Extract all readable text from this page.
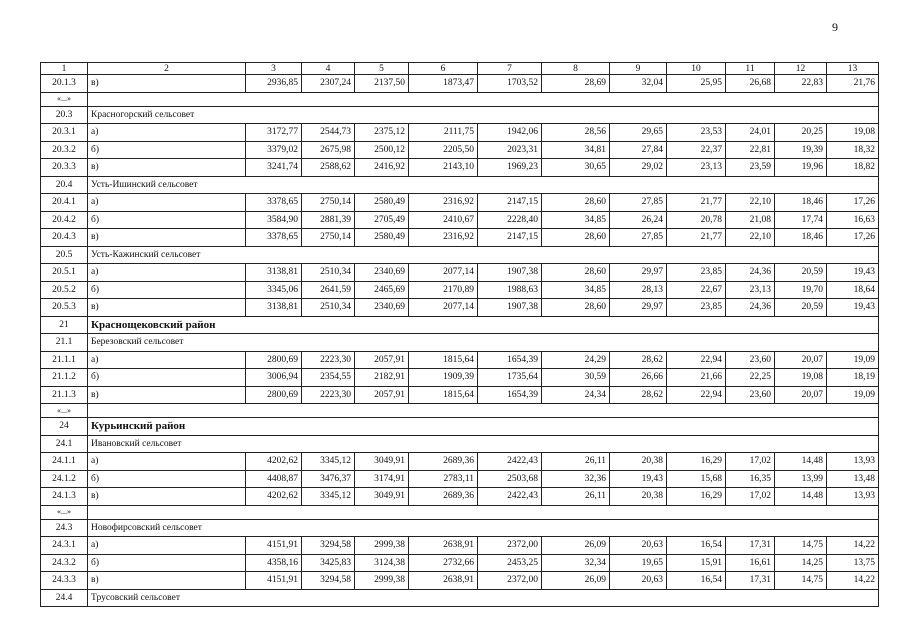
9
1	2	3	4	5	6	7	8	9	10	11	12	13
20.1.3	в)	2936,85	2307,24	2137,50	1873,47	1703,52	28,69	32,04	25,95	26,68	22,83	21,76
«...»												
20.3	Красногорский сельсовет											
20.3.1	а)	3172,77	2544,73	2375,12	2111,75	1942,06	28,56	29,65	23,53	24,01	20,25	19,08
20.3.2	б)	3379,02	2675,98	2500,12	2205,50	2023,31	34,81	27,84	22,37	22,81	19,39	18,32
20.3.3	в)	3241,74	2588,62	2416,92	2143,10	1969,23	30,65	29,02	23,13	23,59	19,96	18,82
20.4	Усть-Ишинский сельсовет											
20.4.1	а)	3378,65	2750,14	2580,49	2316,92	2147,15	28,60	27,85	21,77	22,10	18,46	17,26
20.4.2	б)	3584,90	2881,39	2705,49	2410,67	2228,40	34,85	26,24	20,78	21,08	17,74	16,63
20.4.3	в)	3378,65	2750,14	2580,49	2316,92	2147,15	28,60	27,85	21,77	22,10	18,46	17,26
20.5	Усть-Кажинский сельсовет											
20.5.1	а)	3138,81	2510,34	2340,69	2077,14	1907,38	28,60	29,97	23,85	24,36	20,59	19,43
20.5.2	б)	3345,06	2641,59	2465,69	2170,89	1988,63	34,85	28,13	22,67	23,13	19,70	18,64
20.5.3	в)	3138,81	2510,34	2340,69	2077,14	1907,38	28,60	29,97	23,85	24,36	20,59	19,43
21	Краснощековский район											
21.1	Березовский сельсовет											
21.1.1	а)	2800,69	2223,30	2057,91	1815,64	1654,39	24,29	28,62	22,94	23,60	20,07	19,09
21.1.2	б)	3006,94	2354,55	2182,91	1909,39	1735,64	30,59	26,66	21,66	22,25	19,08	18,19
21.1.3	в)	2800,69	2223,30	2057,91	1815,64	1654,39	24,34	28,62	22,94	23,60	20,07	19,09
«...»												
24	Курьинский район											
24.1	Ивановский сельсовет											
24.1.1	а)	4202,62	3345,12	3049,91	2689,36	2422,43	26,11	20,38	16,29	17,02	14,48	13,93
24.1.2	б)	4408,87	3476,37	3174,91	2783,11	2503,68	32,36	19,43	15,68	16,35	13,99	13,48
24.1.3	в)	4202,62	3345,12	3049,91	2689,36	2422,43	26,11	20,38	16,29	17,02	14,48	13,93
«...»												
24.3	Новофирсовский сельсовет											
24.3.1	а)	4151,91	3294,58	2999,38	2638,91	2372,00	26,09	20,63	16,54	17,31	14,75	14,22
24.3.2	б)	4358,16	3425,83	3124,38	2732,66	2453,25	32,34	19,65	15,91	16,61	14,25	13,75
24.3.3	в)	4151,91	3294,58	2999,38	2638,91	2372,00	26,09	20,63	16,54	17,31	14,75	14,22
24.4	Трусовский сельсовет											
